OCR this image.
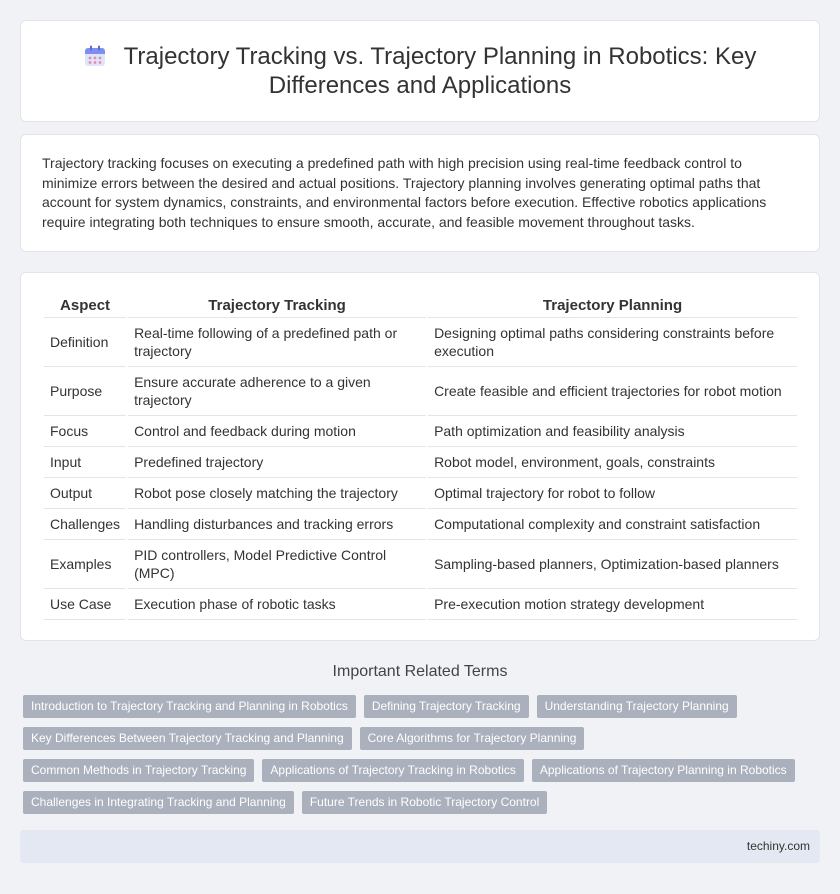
Trajectory Tracking vs. Trajectory Planning in Robotics: Key Differences and Applications

Trajectory tracking focuses on executing a predefined path with high precision using real-time feedback control to minimize errors between the desired and actual positions. Trajectory planning involves generating optimal paths that account for system dynamics, constraints, and environmental factors before execution. Effective robotics applications require integrating both techniques to ensure smooth, accurate, and feasible movement throughout tasks.

Aspect	Trajectory Tracking	Trajectory Planning
Definition	Real-time following of a predefined path or trajectory	Designing optimal paths considering constraints before execution
Purpose	Ensure accurate adherence to a given trajectory	Create feasible and efficient trajectories for robot motion
Focus	Control and feedback during motion	Path optimization and feasibility analysis
Input	Predefined trajectory	Robot model, environment, goals, constraints
Output	Robot pose closely matching the trajectory	Optimal trajectory for robot to follow
Challenges	Handling disturbances and tracking errors	Computational complexity and constraint satisfaction
Examples	PID controllers, Model Predictive Control (MPC)	Sampling-based planners, Optimization-based planners
Use Case	Execution phase of robotic tasks	Pre-execution motion strategy development
Important Related Terms
Introduction to Trajectory Tracking and Planning in Robotics	Defining Trajectory Tracking	Understanding Trajectory Planning
Key Differences Between Trajectory Tracking and Planning	Core Algorithms for Trajectory Planning
Common Methods in Trajectory Tracking	Applications of Trajectory Tracking in Robotics	Applications of Trajectory Planning in Robotics
Challenges in Integrating Tracking and Planning	Future Trends in Robotic Trajectory Control
techiny.com
